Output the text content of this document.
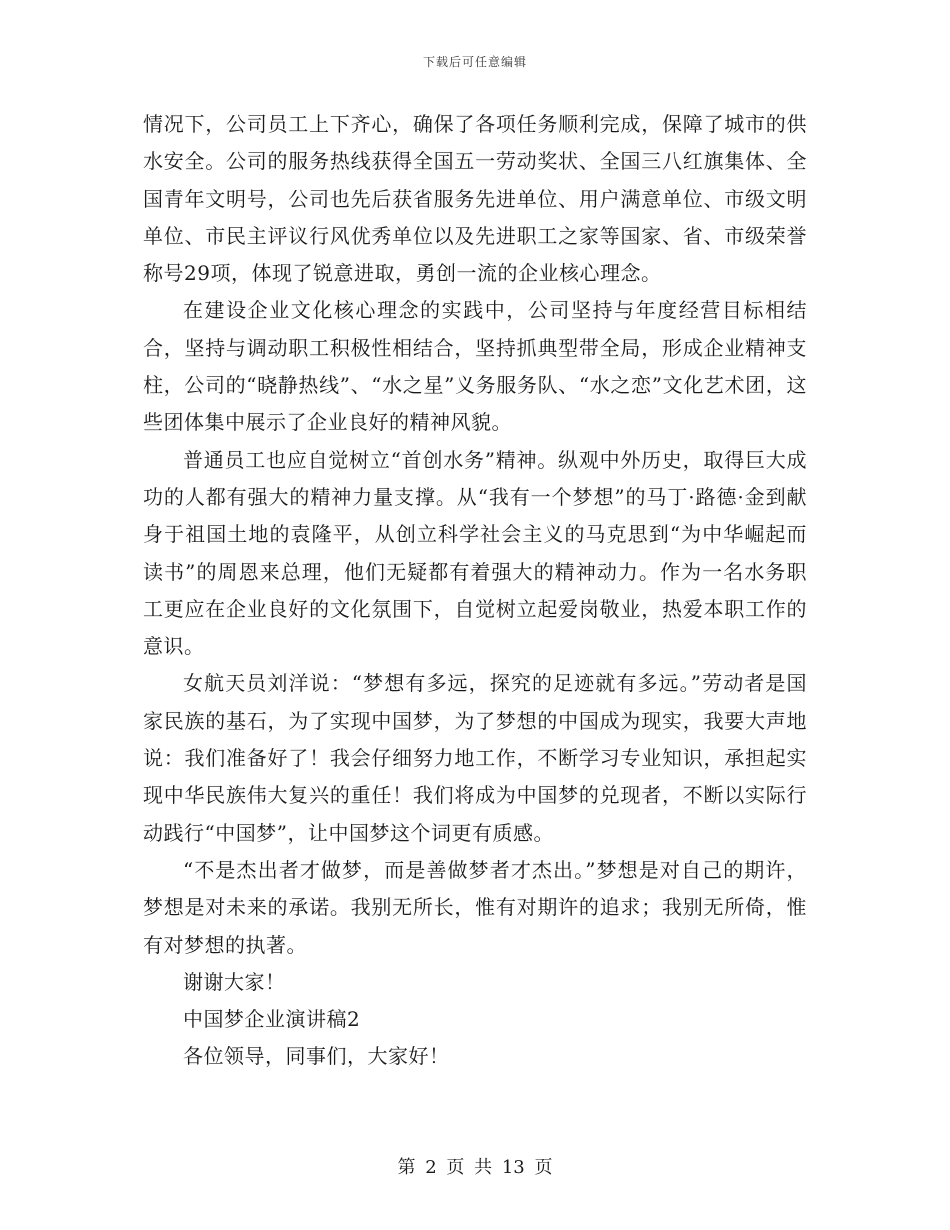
下载后可任意编辑

情况下，公司员工上下齐心，确保了各项任务顺利完成，保障了城市的供水安全。公司的服务热线获得全国五一劳动奖状、全国三八红旗集体、全国青年文明号，公司也先后获省服务先进单位、用户满意单位、市级文明单位、市民主评议行风优秀单位以及先进职工之家等国家、省、市级荣誉称号29项，体现了锐意进取，勇创一流的企业核心理念。

在建设企业文化核心理念的实践中，公司坚持与年度经营目标相结合，坚持与调动职工积极性相结合，坚持抓典型带全局，形成企业精神支柱，公司的“晓静热线”、“水之星”义务服务队、“水之恋”文化艺术团，这些团体集中展示了企业良好的精神风貌。

普通员工也应自觉树立“首创水务”精神。纵观中外历史，取得巨大成功的人都有强大的精神力量支撑。从“我有一个梦想”的马丁·路德·金到献身于祖国土地的袁隆平，从创立科学社会主义的马克思到“为中华崛起而读书”的周恩来总理，他们无疑都有着强大的精神动力。作为一名水务职工更应在企业良好的文化氛围下，自觉树立起爱岗敬业，热爱本职工作的意识。

女航天员刘洋说：“梦想有多远，探究的足迹就有多远。”劳动者是国家民族的基石，为了实现中国梦，为了梦想的中国成为现实，我要大声地说：我们准备好了！我会仔细努力地工作，不断学习专业知识，承担起实现中华民族伟大复兴的重任！我们将成为中国梦的兑现者，不断以实际行动践行“中国梦”，让中国梦这个词更有质感。

“不是杰出者才做梦，而是善做梦者才杰出。”梦想是对自己的期许，梦想是对未来的承诺。我别无所长，惟有对期许的追求；我别无所倚，惟有对梦想的执著。

谢谢大家！

中国梦企业演讲稿2

各位领导，同事们，大家好！

第 2 页 共 13 页
